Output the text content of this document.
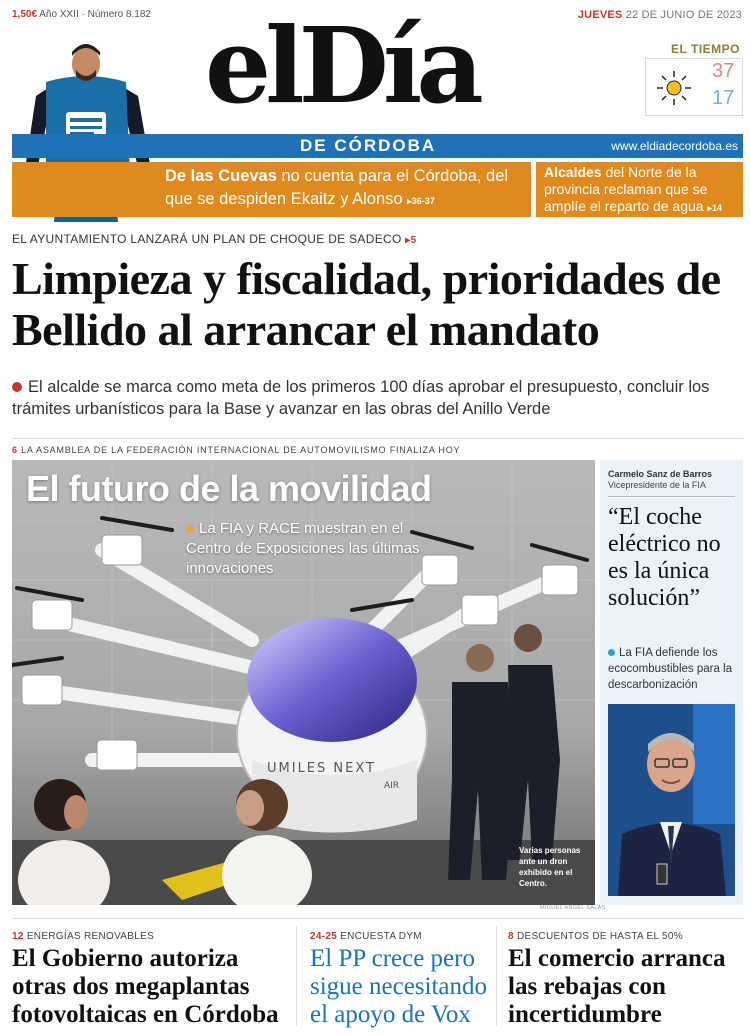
1,50€ Año XXII · Número 8.182	JUEVES 22 DE JUNIO DE 2023
elDía	EL TIEMPO
37
17
DE CÓRDOBA	www.eldiadecordoba.es
De las Cuevas no cuenta para el Córdoba, del que se despiden Ekaitz y Alonso ▸36-37
Alcaldes del Norte de la provincia reclaman que se amplíe el reparto de agua ▸14
EL AYUNTAMIENTO LANZARÁ UN PLAN DE CHOQUE DE SADECO ▸5
Limpieza y fiscalidad, prioridades de Bellido al arrancar el mandato
El alcalde se marca como meta de los primeros 100 días aprobar el presupuesto, concluir los trámites urbanísticos para la Base y avanzar en las obras del Anillo Verde
6 LA ASAMBLEA DE LA FEDERACIÓN INTERNACIONAL DE AUTOMOVILISMO FINALIZA HOY
UMILES NEXT
AIR
El futuro de la movilidad
La FIA y RACE muestran en el Centro de Exposiciones las últimas innovaciones
Varias personas ante un dron exhibido en el Centro.
MIGUEL ÁNGEL SALAS
Carmelo Sanz de Barros
Vicepresidente de la FIA
“El coche eléctrico no es la única solución”
La FIA defiende los ecocombustibles para la descarbonización
12 ENERGÍAS RENOVABLES
El Gobierno autoriza otras dos megaplantas fotovoltaicas en Córdoba
24-25 ENCUESTA DYM
El PP crece pero sigue necesitando el apoyo de Vox
8 DESCUENTOS DE HASTA EL 50%
El comercio arranca las rebajas con incertidumbre
